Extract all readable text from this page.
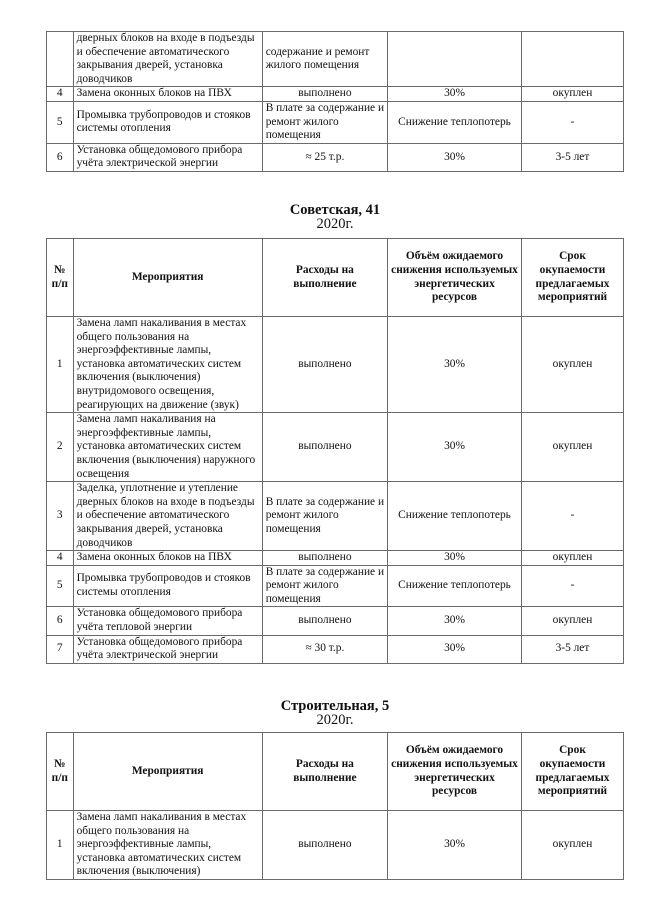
	дверных блоков на входе в подъезды и обеспечение автоматического закрывания дверей, установка доводчиков	содержание и ремонт жилого помещения		
4	Замена оконных блоков на ПВХ	выполнено	30%	окуплен
5	Промывка трубопроводов и стояков системы отопления	В плате за содержание и ремонт жилого помещения	Снижение теплопотерь	-
6	Установка общедомового прибора учёта электрической энергии	≈ 25 т.р.	30%	3-5 лет
Советская, 41
2020г.
№ п/п	Мероприятия	Расходы на выполнение	Объём ожидаемого снижения используемых энергетических ресурсов	Срок окупаемости предлагаемых мероприятий
1	Замена ламп накаливания в местах общего пользования на энергоэффективные лампы, установка автоматических систем включения (выключения) внутридомового освещения, реагирующих на движение (звук)	выполнено	30%	окуплен
2	Замена ламп накаливания на энергоэффективные лампы, установка автоматических систем включения (выключения) наружного освещения	выполнено	30%	окуплен
3	Заделка, уплотнение и утепление дверных блоков на входе в подъезды и обеспечение автоматического закрывания дверей, установка доводчиков	В плате за содержание и ремонт жилого помещения	Снижение теплопотерь	-
4	Замена оконных блоков на ПВХ	выполнено	30%	окуплен
5	Промывка трубопроводов и стояков системы отопления	В плате за содержание и ремонт жилого помещения	Снижение теплопотерь	-
6	Установка общедомового прибора учёта тепловой энергии	выполнено	30%	окуплен
7	Установка общедомового прибора учёта электрической энергии	≈ 30 т.р.	30%	3-5 лет
Строительная, 5
2020г.
№ п/п	Мероприятия	Расходы на выполнение	Объём ожидаемого снижения используемых энергетических ресурсов	Срок окупаемости предлагаемых мероприятий
1	Замена ламп накаливания в местах общего пользования на энергоэффективные лампы, установка автоматических систем включения (выключения)	выполнено	30%	окуплен
